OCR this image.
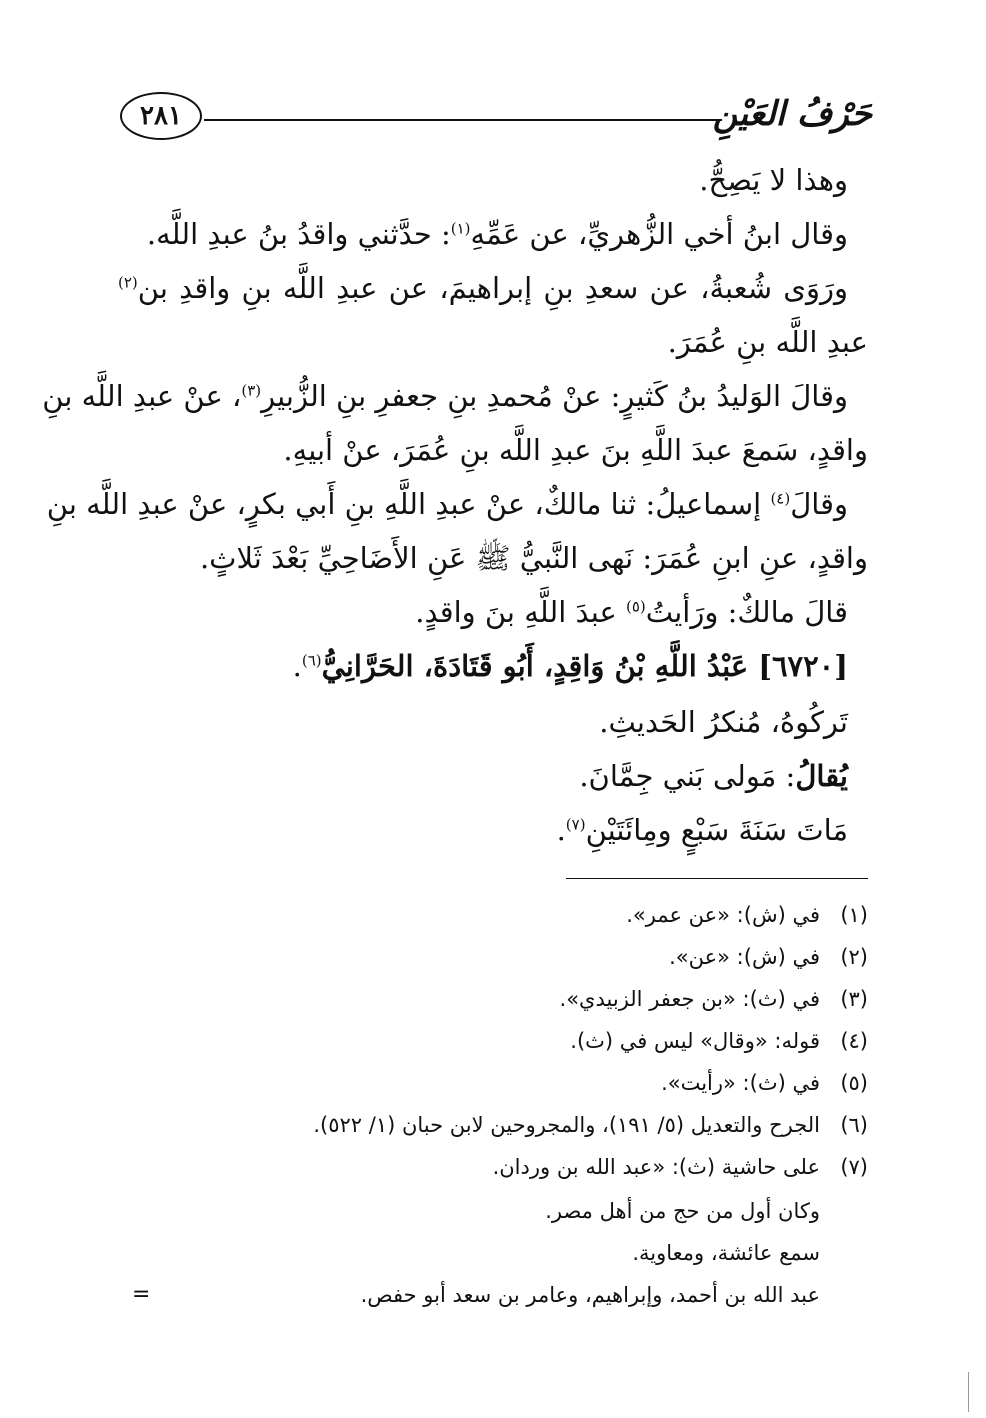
حَرْفُ العَيْنِ
٢٨١
وهذا لا يَصِحُّ.
وقال ابنُ أخي الزُّهريِّ، عن عَمِّهِ$^{(١)}$: حدَّثني واقدُ بنُ عبدِ اللَّه.
ورَوَى شُعبةُ، عن سعدِ بنِ إبراهيمَ، عن عبدِ اللَّه بنِ واقدِ بن$^{(٢)}$
عبدِ اللَّه بنِ عُمَرَ.
وقالَ الوَليدُ بنُ كَثيرٍ: عنْ مُحمدِ بنِ جعفرِ بنِ الزُّبيرِ$^{(٣)}$، عنْ عبدِ اللَّه بنِ
واقدٍ، سَمعَ عبدَ اللَّهِ بنَ عبدِ اللَّه بنِ عُمَرَ، عنْ أبيهِ.
وقالَ$^{(٤)}$ إسماعيلُ: ثنا مالكٌ، عنْ عبدِ اللَّهِ بنِ أَبي بكرٍ، عنْ عبدِ اللَّه بنِ
واقدٍ، عنِ ابنِ عُمَرَ: نَهى النَّبيُّ ﷺ عَنِ الأَضَاحِيِّ بَعْدَ ثَلاثٍ.
قالَ مالكٌ: ورَأيتُ$^{(٥)}$ عبدَ اللَّهِ بنَ واقدٍ.
[٦٧٢٠] عَبْدُ اللَّهِ بْنُ وَاقِدٍ، أَبُو قَتَادَةَ، الحَرَّانِيُّ$^{(٦)}$.
تَركُوهُ، مُنكرُ الحَديثِ.
يُقالُ: مَولى بَني جِمَّانَ.
مَاتَ سَنَةَ سَبْعٍ ومِائَتَيْنِ$^{(٧)}$.
(١)
في (ش): «عن عمر».
(٢)
في (ش): «عن».
(٣)
في (ث): «بن جعفر الزبيدي».
(٤)
قوله: «وقال» ليس في (ث).
(٥)
في (ث): «رأيت».
(٦)
الجرح والتعديل (٥/ ١٩١)، والمجروحين لابن حبان (١/ ٥٢٢).
(٧)
على حاشية (ث): «عبد الله بن وردان.
وكان أول من حج من أهل مصر.
سمع عائشة، ومعاوية.
عبد الله بن أحمد، وإبراهيم، وعامر بن سعد أبو حفص.
=
